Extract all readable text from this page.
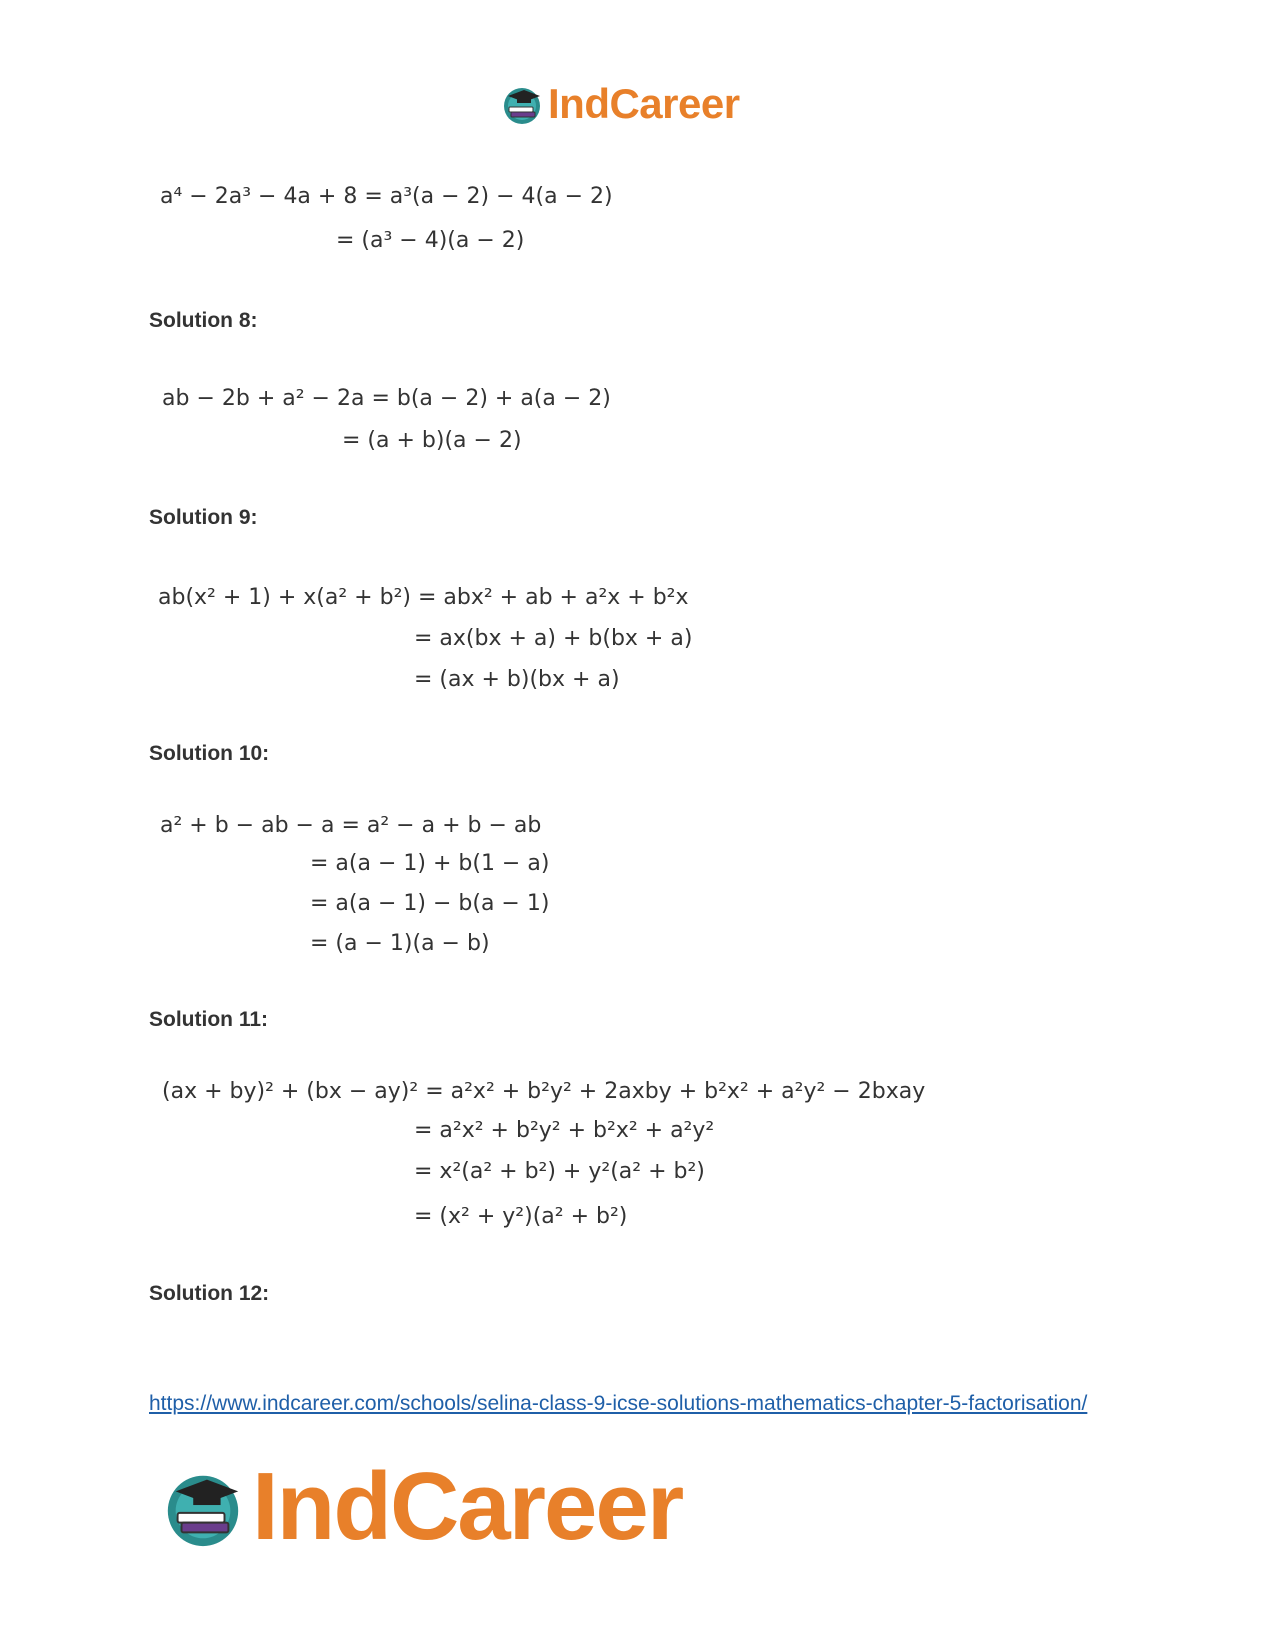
IndCareer
a⁴ − 2a³ − 4a + 8 = a³(a − 2) − 4(a − 2)
= (a³ − 4)(a − 2)
Solution 8:
ab − 2b + a² − 2a = b(a − 2) + a(a − 2)
= (a + b)(a − 2)
Solution 9:
ab(x² + 1) + x(a² + b²) = abx² + ab + a²x + b²x
= ax(bx + a) + b(bx + a)
= (ax + b)(bx + a)
Solution 10:
a² + b − ab − a = a² − a + b − ab
= a(a − 1) + b(1 − a)
= a(a − 1) − b(a − 1)
= (a − 1)(a − b)
Solution 11:
(ax + by)² + (bx − ay)² = a²x² + b²y² + 2axby + b²x² + a²y² − 2bxay
= a²x² + b²y² + b²x² + a²y²
= x²(a² + b²) + y²(a² + b²)
= (x² + y²)(a² + b²)
Solution 12:
https://www.indcareer.com/schools/selina-class-9-icse-solutions-mathematics-chapter-5-factorisation/
IndCareer
